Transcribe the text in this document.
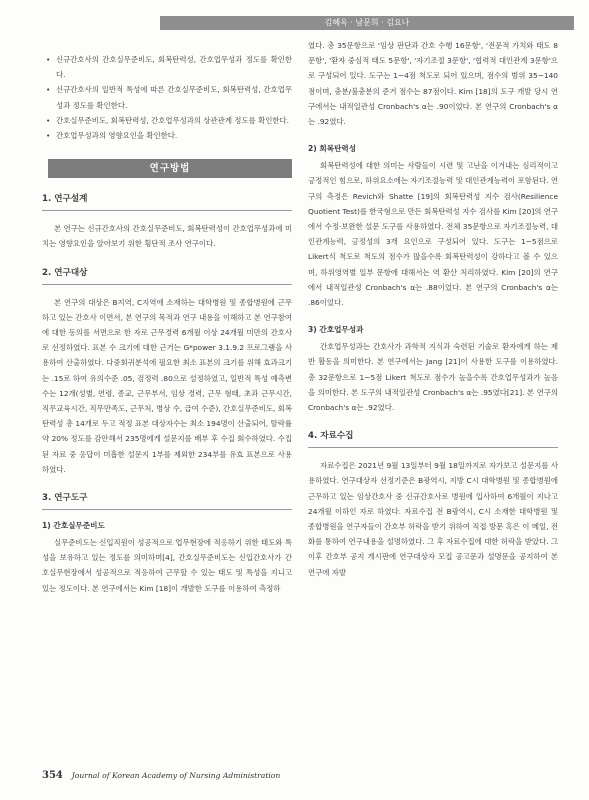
김혜옥 · 남문희 · 김요나
• 신규간호사의 간호실무준비도, 회복탄력성, 간호업무성과 정도를 확인한다.
• 신규간호사의 일반적 특성에 따른 간호실무준비도, 회복탄력성, 간호업무성과 정도를 확인한다.
• 간호실무준비도, 회복탄력성, 간호업무성과의 상관관계 정도를 확인한다.
• 간호업무성과의 영향요인을 확인한다.
연구방법
1. 연구설계

본 연구는 신규간호사의 간호실무준비도, 회복탄력성이 간호업무성과에 미치는 영향요인을 알아보기 위한 횡단적 조사 연구이다.

2. 연구대상

본 연구의 대상은 B지역, C지역에 소재하는 대학병원 및 종합병원에 근무하고 있는 간호사 이면서, 본 연구의 목적과 연구 내용을 이해하고 본 연구참여에 대한 동의를 서면으로 한 자로 근무경력 6개월 이상 24개월 미만의 간호사로 선정하였다. 표본 수 크기에 대한 근거는 G*power 3.1.9.2 프로그램을 사용하여 산출하였다. 다중회귀분석에 필요한 최소 표본의 크기를 위해 효과크기는 .15로 하여 유의수준 .05, 검정력 .80으로 설정하였고, 일반적 특성 예측변수는 12개(성별, 연령, 종교, 근무부서, 임상 경력, 근무 형태, 초과 근무시간, 직무교육시간, 직무만족도, 근무처, 병상 수, 급여 수준), 간호실무준비도, 회복탄력성 총 14개로 두고 적정 표본 대상자수는 최소 194명이 산출되어, 탈락률 약 20% 정도를 감안해서 235명에게 설문지를 배부 후 수집 회수하였다. 수집된 자료 중 응답이 미흡한 설문지 1부를 제외한 234부를 유효 표본으로 사용하였다.

3. 연구도구
1) 간호실무준비도

실무준비도는 신입직원이 성공적으로 업무현장에 적응하기 위한 태도와 특성을 보유하고 있는 정도를 의미하며[4], 간호실무준비도는 신입간호사가 간호실무현장에서 성공적으로 적응하여 근무할 수 있는 태도 및 특성을 지니고 있는 정도이다. 본 연구에서는 Kim [18]이 개발한 도구를 이용하여 측정하

였다. 총 35문항으로 '임상 판단과 간호 수행 16문항', '전문적 가치와 태도 8문항', '환자 중심적 태도 5문항', '자기조절 3문항', '협력적 대인관계 3문항'으로 구성되어 있다. 도구는 1~4점 척도로 되어 있으며, 점수의 범위 35~140점이며, 충분/불충분의 준거 점수는 87점이다. Kim [18]의 도구 개발 당시 연구에서는 내적일관성 Cronbach's α는 .90이었다. 본 연구의 Cronbach's α는 .92였다.

2) 회복탄력성

회복탄력성에 대한 의미는 사람들이 시련 및 고난을 이겨내는 심리적이고 긍정적인 힘으로, 하위요소에는 자기조절능력 및 대인관계능력이 포함된다. 연구의 측정은 Revich와 Shatte [19]의 회복탄력성 지수 검사(Resilience Quotient Test)를 한국형으로 만든 회복탄력성 지수 검사를 Kim [20]의 연구에서 수정·보완한 설문 도구를 사용하였다. 전체 35문항으로 자기조절능력, 대인관계능력, 긍정성의 3개 요인으로 구성되어 있다. 도구는 1~5점으로 Likert식 척도로 척도의 점수가 많을수록 회복탄력성이 강하다고 볼 수 있으며, 하위영역별 일부 문항에 대해서는 역 환산 처리하였다. Kim [20]의 연구에서 내적일관성 Cronbach's α는 .88이었다. 본 연구의 Cronbach's α는 .86이었다.

3) 간호업무성과

간호업무성과는 간호사가 과학적 지식과 숙련된 기술로 환자에게 하는 제반 활동을 의미한다. 본 연구에서는 Jang [21]이 사용한 도구를 이용하였다. 총 32문항으로 1~5점 Likert 척도로 점수가 높을수록 간호업무성과가 높음을 의미한다. 본 도구의 내적일관성 Cronbach's α는 .95였다[21]. 본 연구의 Cronbach's α는 .92였다.

4. 자료수집

자료수집은 2021년 9월 13일부터 9월 18일까지로 자가보고 설문지를 사용하였다. 연구대상자 선정기준은 B광역시, 지방 C시 대학병원 및 종합병원에 근무하고 있는 임상간호사 중 신규간호사로 병원에 입사하여 6개월이 지나고 24개월 이하인 자로 하였다. 자료수집 전 B광역시, C시 소재한 대학병원 및 종합병원을 연구자들이 간호부 허락을 받기 위하여 직접 방문 혹은 이 메일, 전화를 통하여 연구내용을 설명하였다. 그 후 자료수집에 대한 허락을 받았다. 그 이후 간호부 공지 게시판에 연구대상자 모집 공고문과 설명문을 공지하여 본 연구에 자발

354 Journal of Korean Academy of Nursing Administration
